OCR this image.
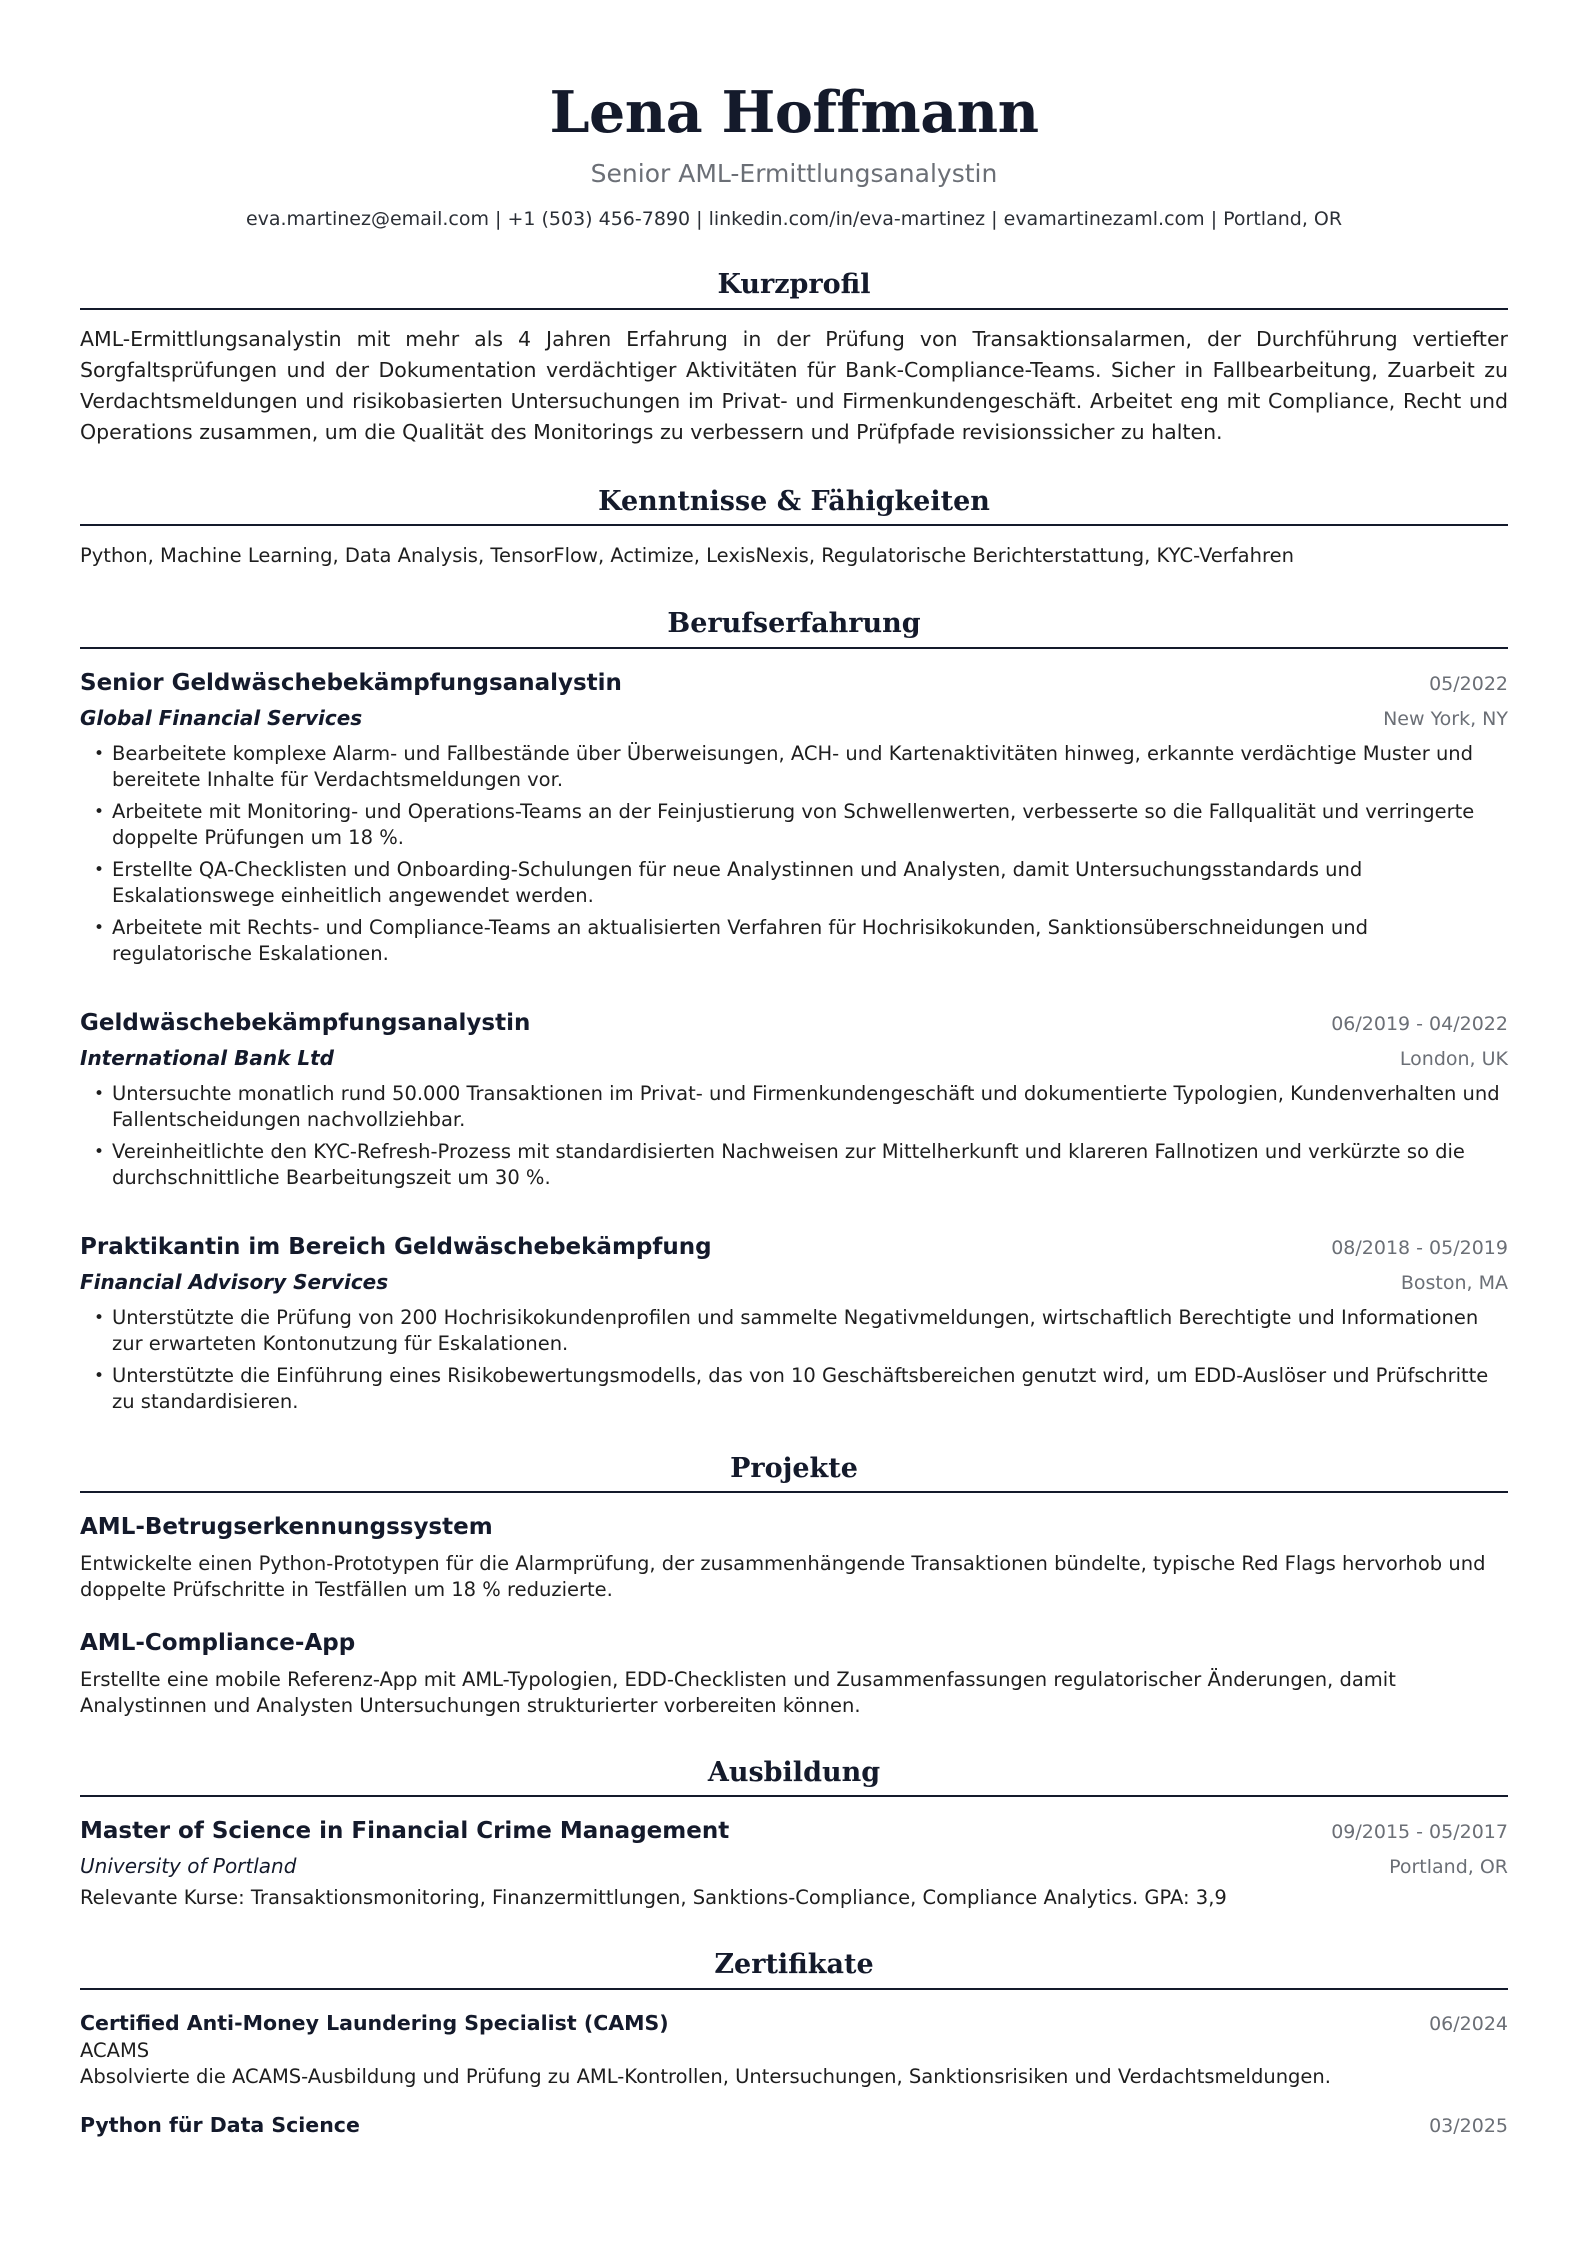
Lena Hoffmann
Senior AML-Ermittlungsanalystin
eva.martinez@email.com | +1 (503) 456-7890 | linkedin.com/in/eva-martinez | evamartinezaml.com | Portland, OR
Kurzprofil
AML-Ermittlungsanalystin mit mehr als 4 Jahren Erfahrung in der Prüfung von Transaktionsalarmen, der Durchführung vertiefter Sorgfaltsprüfungen und der Dokumentation verdächtiger Aktivitäten für Bank-Compliance-Teams. Sicher in Fallbearbeitung, Zuarbeit zu Verdachtsmeldungen und risikobasierten Untersuchungen im Privat- und Firmenkundengeschäft. Arbeitet eng mit Compliance, Recht und Operations zusammen, um die Qualität des Monitorings zu verbessern und Prüfpfade revisionssicher zu halten.
Kenntnisse & Fähigkeiten
Python, Machine Learning, Data Analysis, TensorFlow, Actimize, LexisNexis, Regulatorische Berichterstattung, KYC-Verfahren
Berufserfahrung
Senior Geldwäschebekämpfungsanalystin	05/2022
Global Financial Services	New York, NY
• Bearbeitete komplexe Alarm- und Fallbestände über Überweisungen, ACH- und Kartenaktivitäten hinweg, erkannte verdächtige Muster und bereitete Inhalte für Verdachtsmeldungen vor.
• Arbeitete mit Monitoring- und Operations-Teams an der Feinjustierung von Schwellenwerten, verbesserte so die Fallqualität und verringerte doppelte Prüfungen um 18 %.
• Erstellte QA-Checklisten und Onboarding-Schulungen für neue Analystinnen und Analysten, damit Untersuchungsstandards und Eskalationswege einheitlich angewendet werden.
• Arbeitete mit Rechts- und Compliance-Teams an aktualisierten Verfahren für Hochrisikokunden, Sanktionsüberschneidungen und regulatorische Eskalationen.
Geldwäschebekämpfungsanalystin	06/2019 - 04/2022
International Bank Ltd	London, UK
• Untersuchte monatlich rund 50.000 Transaktionen im Privat- und Firmenkundengeschäft und dokumentierte Typologien, Kundenverhalten und Fallentscheidungen nachvollziehbar.
• Vereinheitlichte den KYC-Refresh-Prozess mit standardisierten Nachweisen zur Mittelherkunft und klareren Fallnotizen und verkürzte so die durchschnittliche Bearbeitungszeit um 30 %.
Praktikantin im Bereich Geldwäschebekämpfung	08/2018 - 05/2019
Financial Advisory Services	Boston, MA
• Unterstützte die Prüfung von 200 Hochrisikokundenprofilen und sammelte Negativmeldungen, wirtschaftlich Berechtigte und Informationen zur erwarteten Kontonutzung für Eskalationen.
• Unterstützte die Einführung eines Risikobewertungsmodells, das von 10 Geschäftsbereichen genutzt wird, um EDD-Auslöser und Prüfschritte zu standardisieren.
Projekte
AML-Betrugserkennungssystem
Entwickelte einen Python-Prototypen für die Alarmprüfung, der zusammenhängende Transaktionen bündelte, typische Red Flags hervorhob und doppelte Prüfschritte in Testfällen um 18 % reduzierte.
AML-Compliance-App
Erstellte eine mobile Referenz-App mit AML-Typologien, EDD-Checklisten und Zusammenfassungen regulatorischer Änderungen, damit Analystinnen und Analysten Untersuchungen strukturierter vorbereiten können.
Ausbildung
Master of Science in Financial Crime Management	09/2015 - 05/2017
University of Portland	Portland, OR
Relevante Kurse: Transaktionsmonitoring, Finanzermittlungen, Sanktions-Compliance, Compliance Analytics. GPA: 3,9
Zertifikate
Certified Anti-Money Laundering Specialist (CAMS)	06/2024
ACAMS
Absolvierte die ACAMS-Ausbildung und Prüfung zu AML-Kontrollen, Untersuchungen, Sanktionsrisiken und Verdachtsmeldungen.
Python für Data Science	03/2025
